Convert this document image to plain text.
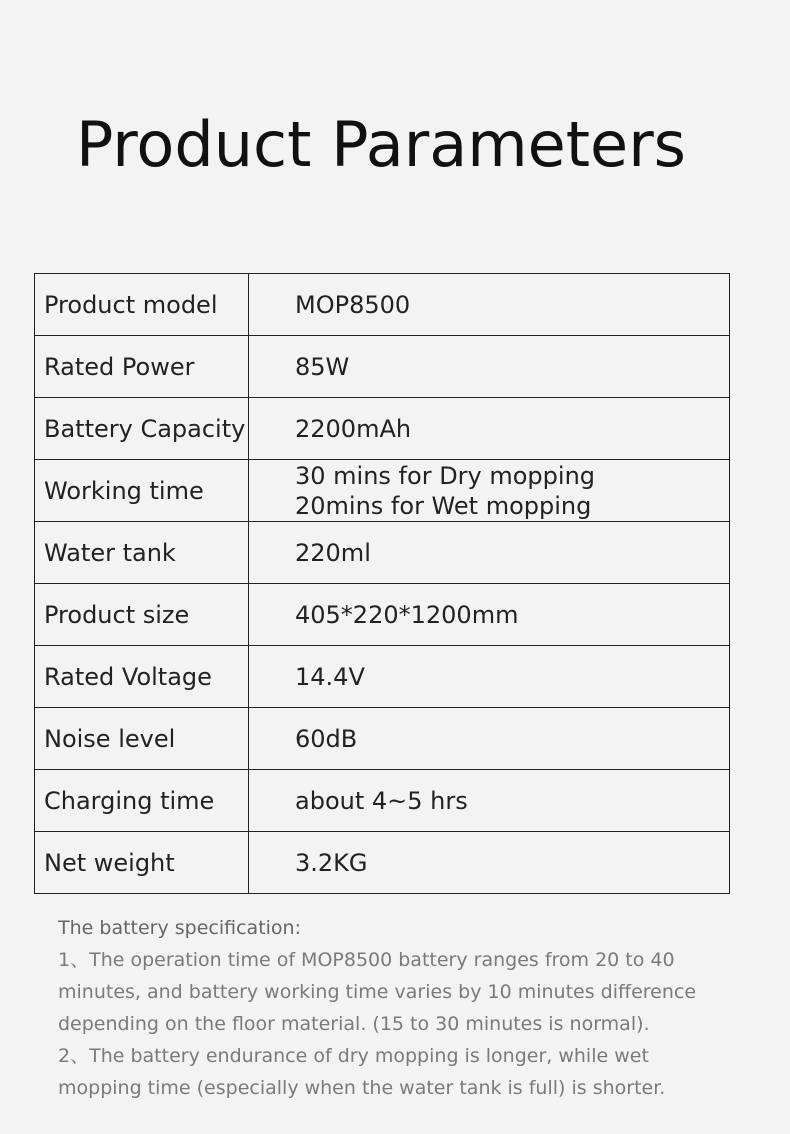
Product Parameters
Product model	MOP8500

Rated Power	85W

Battery Capacity	2200mAh

Working time	30 mins for Dry mopping
20mins for Wet mopping

Water tank	220ml

Product size	405*220*1200mm

Rated Voltage	14.4V

Noise level	60dB

Charging time	about 4~5 hrs

Net weight	3.2KG

The battery specification:

1、The operation time of MOP8500 battery ranges from 20 to 40 minutes, and battery working time varies by 10 minutes difference depending on the floor material. (15 to 30 minutes is normal).

2、The battery endurance of dry mopping is longer, while wet mopping time (especially when the water tank is full) is shorter.
